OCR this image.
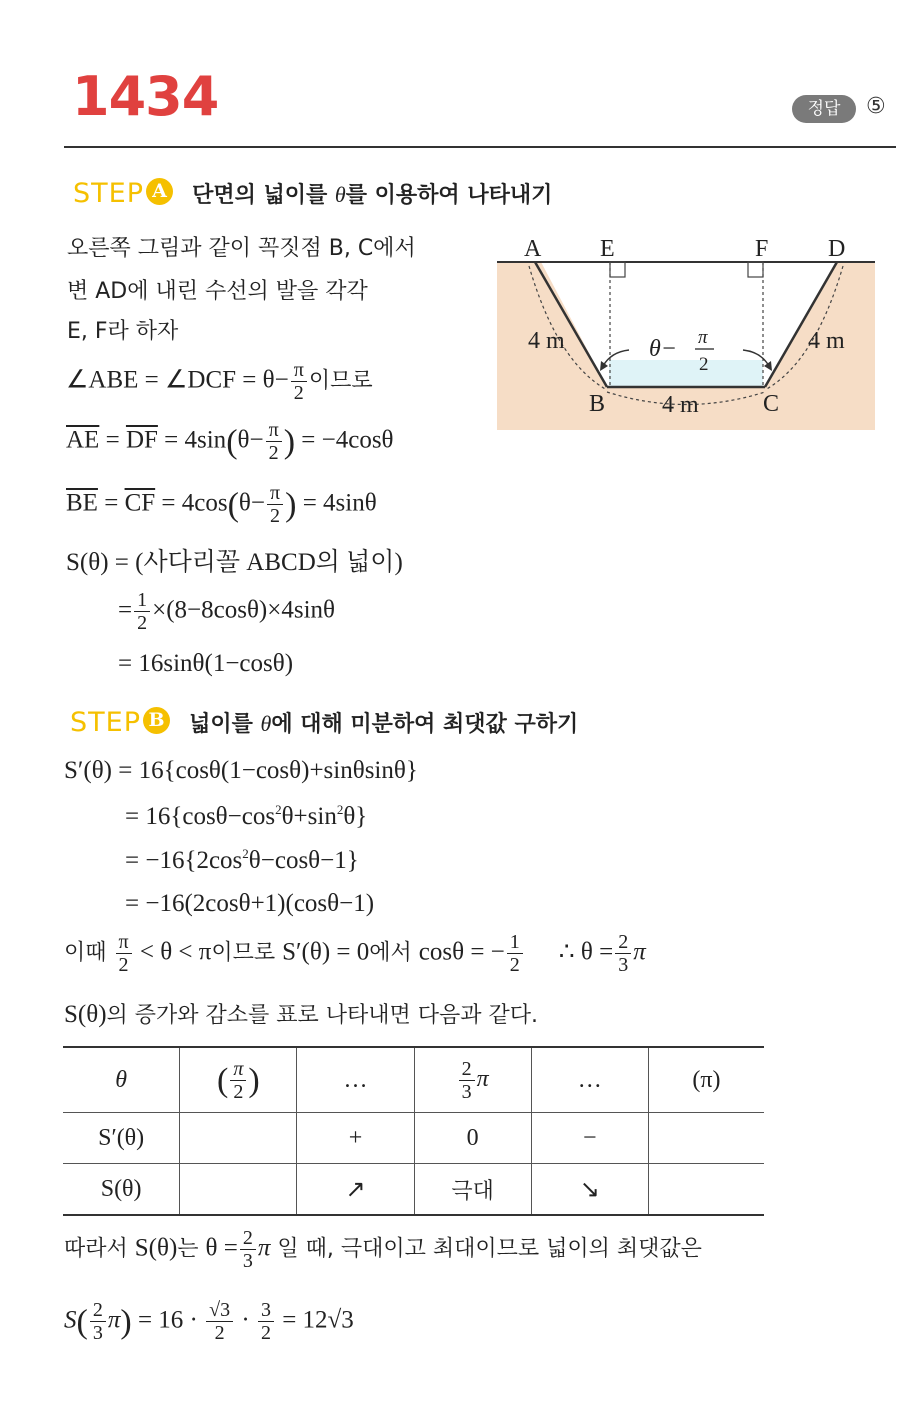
1434	정답	⑤
STEP A 단면의 넓이를 θ를 이용하여 나타내기
오른쪽 그림과 같이 꼭짓점 B, C에서
변 AD에 내린 수선의 발을 각각
E, F라 하자
∠ABE = ∠DCF = $\theta- \frac{\pi}{2}$ 이므로
$\overline{AE} = \overline{DF} = 4\sin(\theta- \frac{\pi}{2}$ ) = −4cosθ
$\overline{BE} = \overline{CF} = 4\cos(\theta- \frac{\pi}{2}$ ) = 4sinθ
S(θ) = (사다리꼴 ABCD의 넓이)
= $\frac{1}{2} \times(8-8\cos\theta)\times 4\sin\theta$
= 16sinθ(1−cosθ)
A E	F D
B	C
4 m	4 m
4 m
θ− π
2
STEP B 넓이를 θ에 대해 미분하여 최댓값 구하기
S′(θ) = 16{cosθ(1−cosθ)+sinθsinθ}
= $16\{\cos\theta-\cos^2\theta+\sin^2\theta\}$
= $-16\{2\cos^2\theta-\cos\theta-1\}$
= −16(2cosθ+1)(cosθ−1)
이때 $\frac{\pi}{2} < \theta < \pi$이므로 S′(θ) = 0에서 cosθ = − $\frac{1}{2}$ ∴ $\theta = \frac{2}{3}$ π
S(θ)의 증가와 감소를 표로 나타내면 다음과 같다.
θ	( $\frac{\pi}{2}$ )	…	$\frac{2}{3}$ π	…	(π)
S′(θ)		+	0	−	
S(θ)		↗	극대	↘	
따라서 S(θ)는 $\theta = \frac{2}{3}$ π 일 때, 극대이고 최대이므로 넓이의 최댓값은
$S( \frac{2}{3} \pi) = 16 \cdot \frac{√3}{2} \cdot \frac{3}{2} = 12√3$
